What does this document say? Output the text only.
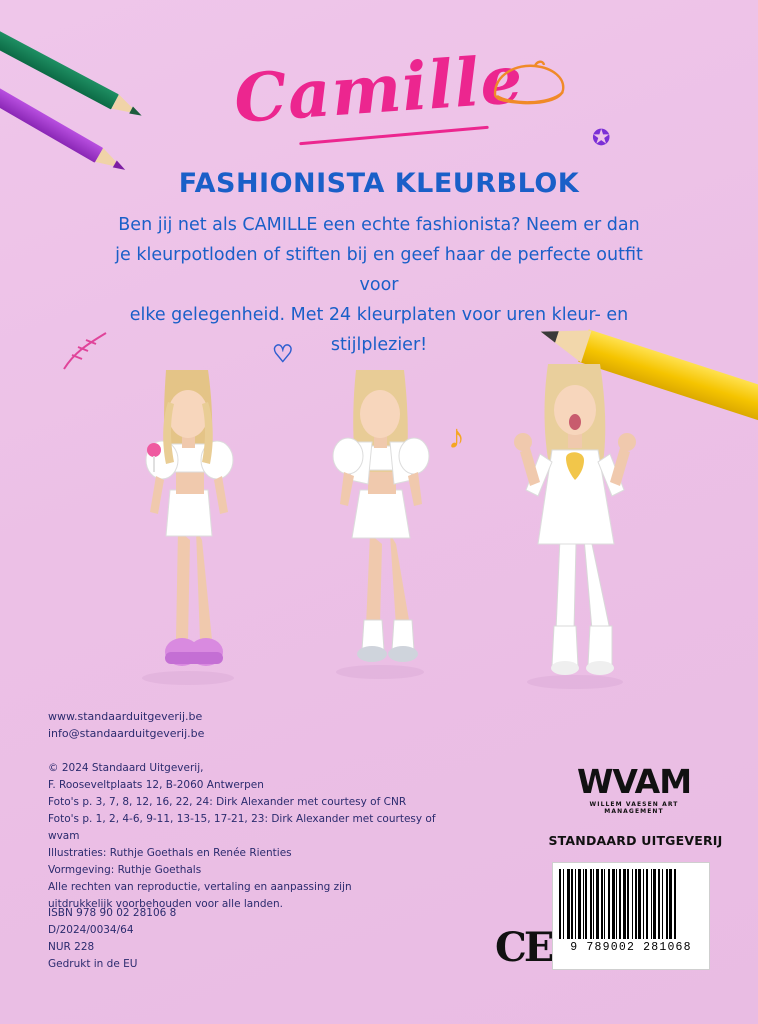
Camille	✪
FASHIONISTA KLEURBLOK
Ben jij net als CAMILLE een echte fashionista? Neem er dan
je kleurpotloden of stiften bij en geef haar de perfecte outfit voor
elke gelegenheid. Met 24 kleurplaten voor uren kleur- en stijlplezier!
♡
♪
www.standaarduitgeverij.be
info@standaarduitgeverij.be
© 2024 Standaard Uitgeverij,
F. Rooseveltplaats 12, B-2060 Antwerpen
Foto's p. 3, 7, 8, 12, 16, 22, 24: Dirk Alexander met courtesy of CNR
Foto's p. 1, 2, 4-6, 9-11, 13-15, 17-21, 23: Dirk Alexander met courtesy of wvam
Illustraties: Ruthje Goethals en Renée Rienties
Vormgeving: Ruthje Goethals
Alle rechten van reproductie, vertaling en aanpassing zijn
uitdrukkelijk voorbehouden voor alle landen.
ISBN 978 90 02 28106 8
D/2024/0034/64
NUR 228
Gedrukt in de EU
WVAM
WILLEM VAESEN ART MANAGEMENT
STANDAARD UITGEVERIJ
CE	9 789002 281068
